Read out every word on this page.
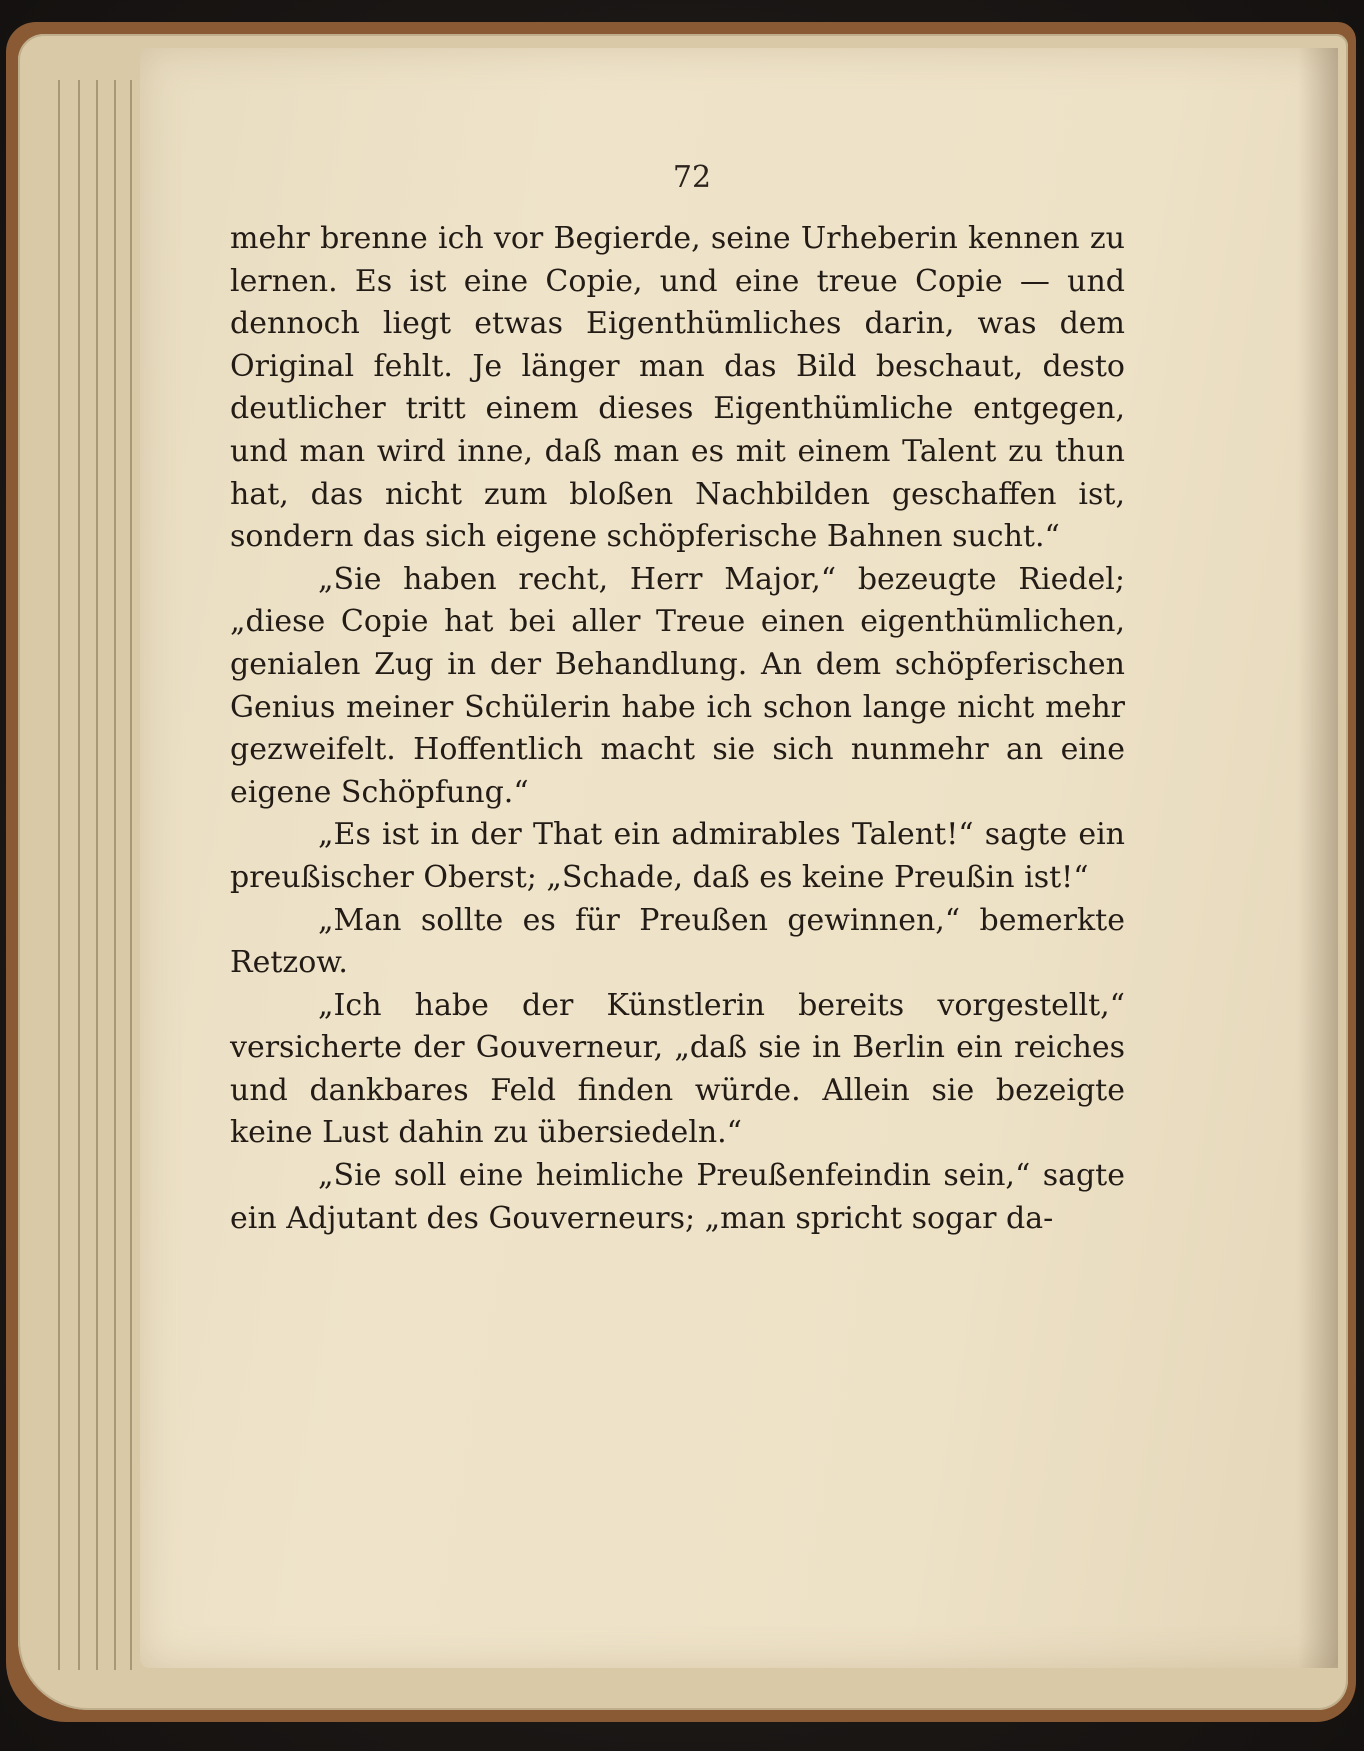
72

mehr brenne ich vor Begierde, seine Urheberin kennen zu lernen. Es ist eine Copie, und eine treue Copie — und dennoch liegt etwas Eigenthümliches darin, was dem Original fehlt. Je länger man das Bild beschaut, desto deutlicher tritt einem dieses Eigenthümliche entgegen, und man wird inne, daß man es mit einem Talent zu thun hat, das nicht zum bloßen Nachbilden geschaffen ist, sondern das sich eigene schöpferische Bahnen sucht.“

„Sie haben recht, Herr Major,“ bezeugte Riedel; „diese Copie hat bei aller Treue einen eigenthümlichen, genialen Zug in der Behandlung. An dem schöpferischen Genius meiner Schülerin habe ich schon lange nicht mehr gezweifelt. Hoffentlich macht sie sich nunmehr an eine eigene Schöpfung.“

„Es ist in der That ein admirables Talent!“ sagte ein preußischer Oberst; „Schade, daß es keine Preußin ist!“

„Man sollte es für Preußen gewinnen,“ bemerkte Retzow.

„Ich habe der Künstlerin bereits vorgestellt,“ versicherte der Gouverneur, „daß sie in Berlin ein reiches und dankbares Feld finden würde. Allein sie bezeigte keine Lust dahin zu übersiedeln.“

„Sie soll eine heimliche Preußenfeindin sein,“ sagte ein Adjutant des Gouverneurs; „man spricht sogar da-
